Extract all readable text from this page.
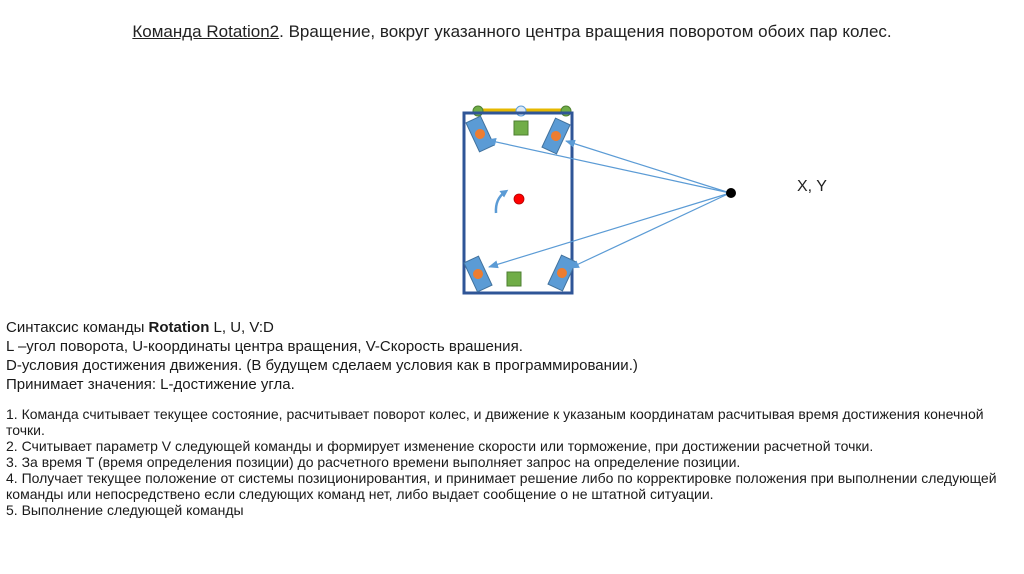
Команда Rotation2. Вращение, вокруг указанного центра вращения поворотом обоих пар колес.
X, Y
Синтаксис команды Rotation L, U, V:D
L –угол поворота, U-координаты центра вращения, V-Скорость врашения.
D-условия достижения движения. (В будущем сделаем условия как в программировании.)
Принимает значения: L-достижение угла.
1. Команда считывает текущее состояние, расчитывает поворот колес, и движение к указаным координатам расчитывая время достижения конечной точки.
2. Считывает параметр V следующей команды и формирует изменение скорости или торможение, при достижении расчетной точки.
3. За время T (время определения позиции) до расчетного времени выполняет запрос на определение позиции.
4. Получает текущее положение от системы позиционировантия, и принимает решение либо по корректировке положения при выполнении следующей команды или непосредствено если следующих команд нет, либо выдает сообщение о не штатной ситуации.
5. Выполнение следующей команды
